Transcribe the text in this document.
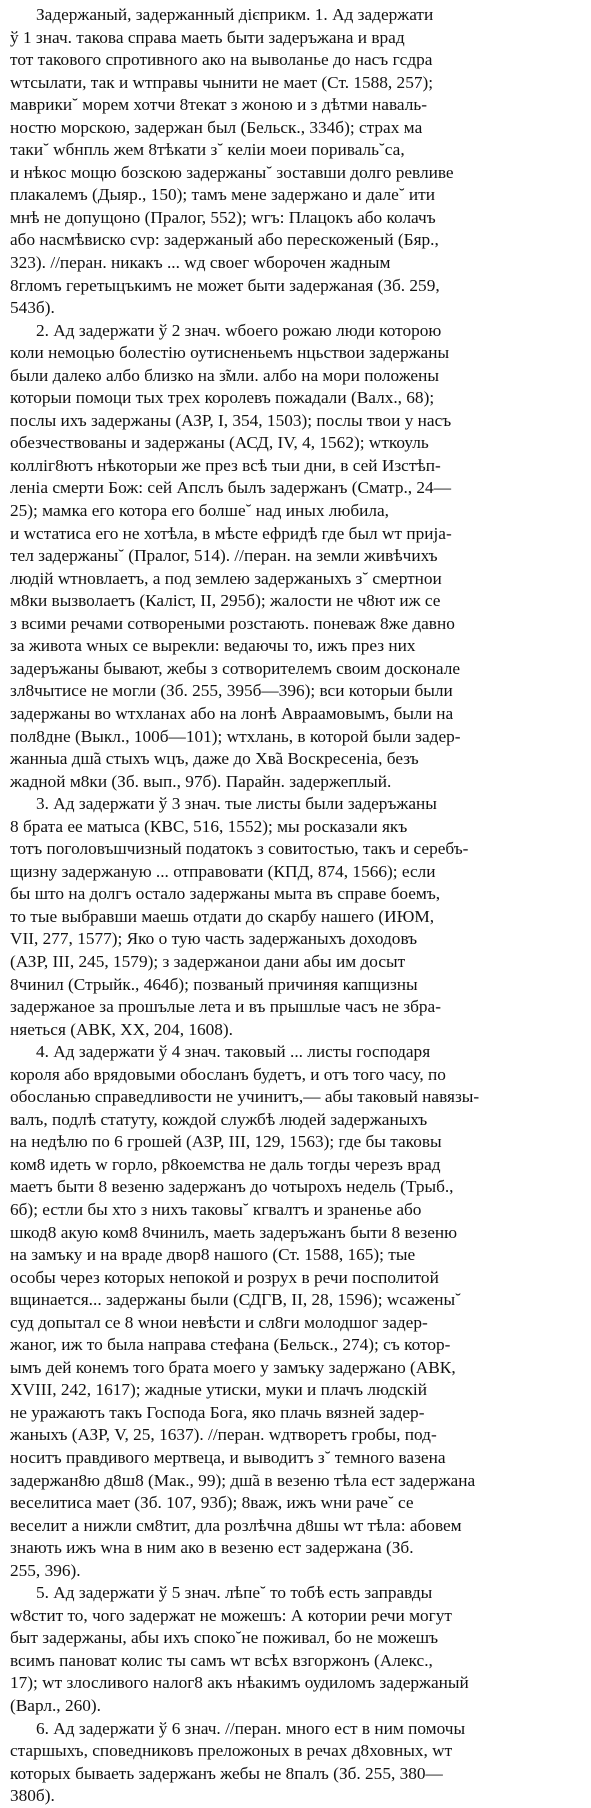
Задержаный, задержанный дієприкм. 1. Ад задержати
ў 1 знач. такова справа маеть быти задеръжана и врад
тот такового спротивного ако на выволанье до насъ гсдра
wтсылати, так и wтправы чынити не мает (Ст. 1588, 257);
маврики˘ морем хотчи 8текат з жоною и з дѣтми наваль-
ностю морскою, задержан был (Бельск., 334б); страх мa
таки˘ wбнпль жем 8тѣкати з˘ келіи моеи пориваль˘са,
и нѣкос мощю бозскою задержаны˘ зоставши долго ревливе
плакалемъ (Дыяр., 150); тамъ мене задержано и дале˘ ити
мнѣ не допущоно (Пралог, 552); wгъ: Плацокъ або колачъ
або насмѣвиско сvр: задержаный або перескоженый (Бяр.,
323). //перан. никакъ ... wд своег wборочен жадным
8гломъ геретыцъкимъ не может быти задержаная (Зб. 259,
543б).
2. Ад задержати ў 2 знач. wбоего рожаю люди которою
коли немоцью болестію оутисненьемъ нцьствои задержаны
были далеко албо близко на з̃мли. албо на мори положены
которыи помоци тых трех королевъ пожадали (Валх., 68);
послы ихъ задержаны (АЗР, I, 354, 1503); послы твои у насъ
обезчествованы и задержаны (АСД, IV, 4, 1562); wткоуль
колліг8ютъ нѣкоторыи же през всѣ тыи дни, в сей Изстѣп-
леніа смерти Бож: сей Апслъ былъ задержанъ (Сматр., 24—
25); мамка его котора его болше˘ над иных любила,
и wстатиса его не хотѣла, в мѣсте ефридѣ где был wт прија-
тел задержаны˘ (Пралог, 514). //перан. на земли живѣчихъ
людій wтновлаетъ, а под землею задержаныхъ з˘ смертнои
м8ки вызволаетъ (Каліст, II, 295б); жалости не ч8ют иж се
з всими речами сотвореными розстають. поневаж 8же давно
за живота wных се вырекли: ведаючы то, ижъ през них
задеръжаны бывают, жебы з сотворителемъ своим досконале
зл8чытисе не могли (Зб. 255, 395б—396); вси которыи были
задержаны во wтхланах або на лонѣ Авраамовымъ, были на
пол8дне (Выкл., 100б—101); wтхлань, в которой были задер-
жанныа дш̃а стыхъ wцъ, даже до Хв̃а Воскресеніа, безъ
жадной м8ки (Зб. вып., 97б). Парайн. задержеплый.
3. Ад задержати ў 3 знач. тые листы были задеръжаны
8 брата ее матыса (КВС, 516, 1552); мы росказали якъ
тотъ поголовъшчизный податокъ з совитостью, такъ и серебъ-
щизну задержаную ... отправовати (КПД, 874, 1566); если
бы што на долгъ остало задержаны мыта въ справе боемъ,
то тые выбравши маешь отдати до скарбу нашего (ИЮМ,
VII, 277, 1577); Яко о тую часть задержаныхъ доходовъ
(АЗР, III, 245, 1579); з задержанои дани абы им досыт
8чинил (Стрыйк., 464б); позваный причиняя капщизны
задержаное за прошълые лета и въ прышлые часъ не збра-
няеться (АВК, XX, 204, 1608).
4. Ад задержати ў 4 знач. таковый ... листы господаря
короля або врядовыми обосланъ будетъ, и отъ того часу, по
обосланью справедливости не учинитъ,— абы таковый навязы-
валъ, подлѣ статуту, кождой службѣ людей задержаныхъ
на недѣлю по 6 грошей (АЗР, III, 129, 1563); где бы таковы
ком8 идеть w горло, р8коемства не даль тогды черезъ врад
маетъ быти 8 везеню задержанъ до чотырохъ недель (Трыб.,
6б); естли бы хто з нихъ таковы˘ кгвалтъ и зраненье або
шкод8 акую ком8 8чинилъ, маеть задеръжанъ быти 8 везеню
на замъку и на враде двор8 нашого (Ст. 1588, 165); тые
особы через которых непокой и розрух в речи посполитой
вщинается... задержаны были (СДГВ, II, 28, 1596); wсажены˘
суд допытал се 8 wнои невѣсти и сл8ги молодшог задер-
жаног, иж то была направа стефана (Бельск., 274); съ котор-
ымъ дей конемъ того брата моего у замъку задержано (АВК,
XVIII, 242, 1617); жадные утиски, муки и плачъ людскій
не уражаютъ такъ Господа Бога, яко плачь вязней задер-
жаныхъ (АЗР, V, 25, 1637). //перан. wдтворетъ гробы, под-
носитъ правдивого мертвеца, и выводитъ з˘ темного вазена
задержан8ю д8ш8 (Мак., 99); дш̃а в везеню тѣла ест задержана
веселитиса мает (Зб. 107, 93б); 8важ, ижъ wни раче˘ се
веселит а нижли см8тит, дла розлѣчна д8шы wт тѣла: абовем
знають ижъ wна в ним ако в везеню ест задержана (Зб.
255, 396).
5. Ад задержати ў 5 знач. лѣпе˘ то тобѣ есть заправды
w8стит то, чого задержат не можешъ: А котории речи могут
быт задержаны, абы ихъ споко˘не поживал, бо не можешъ
всимъ пановат колис ты самъ wт всѣх взгоржонъ (Алекс.,
17); wт злосливого налог8 акъ нѣакимъ оудиломъ задержаный
(Варл., 260).
6. Ад задержати ў 6 знач. //перан. много ест в ним помочы
старшыхъ, споведниковъ преложоных в речах д8ховных, wт
которых бываеть задержанъ жебы не 8палъ (Зб. 255, 380—
380б).
